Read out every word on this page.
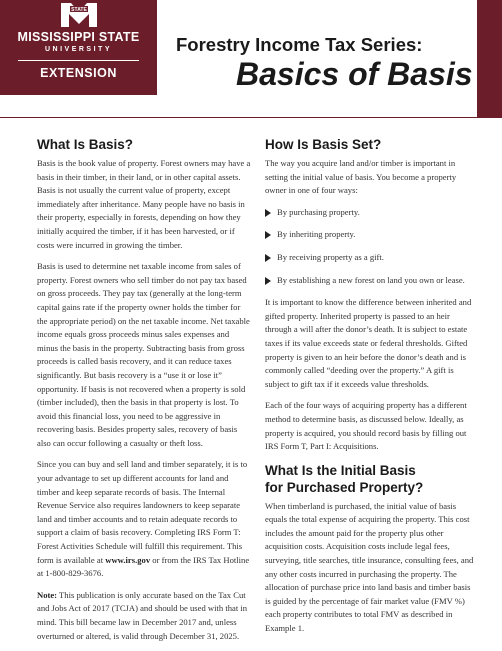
STATE
MISSISSIPPI STATE
UNIVERSITY
EXTENSION
Forestry Income Tax Series:
Basics of Basis
What Is Basis?

Basis is the book value of property. Forest owners may have a basis in their timber, in their land, or in other capital assets. Basis is not usually the current value of property, except immediately after inheritance. Many people have no basis in their property, especially in forests, depending on how they initially acquired the timber, if it has been harvested, or if costs were incurred in growing the timber.

Basis is used to determine net taxable income from sales of property. Forest owners who sell timber do not pay tax based on gross proceeds. They pay tax (generally at the long-term capital gains rate if the property owner holds the timber for the appropriate period) on the net taxable income. Net taxable income equals gross proceeds minus sales expenses and minus the basis in the property. Subtracting basis from gross proceeds is called basis recovery, and it can reduce taxes significantly. But basis recovery is a “use it or lose it” opportunity. If basis is not recovered when a property is sold (timber included), then the basis in that property is lost. To avoid this financial loss, you need to be aggressive in recovering basis. Besides property sales, recovery of basis also can occur following a casualty or theft loss.

Since you can buy and sell land and timber separately, it is to your advantage to set up different accounts for land and timber and keep separate records of basis. The Internal Revenue Service also requires landowners to keep separate land and timber accounts and to retain adequate records to support a claim of basis recovery. Completing IRS Form T: Forest Activities Schedule will fulfill this requirement. This form is available at www.irs.gov or from the IRS Tax Hotline at 1-800-829-3676.

Note: This publication is only accurate based on the Tax Cut and Jobs Act of 2017 (TCJA) and should be used with that in mind. This bill became law in December 2017 and, unless overturned or altered, is valid through December 31, 2025.

How Is Basis Set?

The way you acquire land and/or timber is important in setting the initial value of basis. You become a property owner in one of four ways:

By purchasing property.
By inheriting property.
By receiving property as a gift.
By establishing a new forest on land you own or lease.

It is important to know the difference between inherited and gifted property. Inherited property is passed to an heir through a will after the donor’s death. It is subject to estate taxes if its value exceeds state or federal thresholds. Gifted property is given to an heir before the donor’s death and is commonly called “deeding over the property.” A gift is subject to gift tax if it exceeds value thresholds.

Each of the four ways of acquiring property has a different method to determine basis, as discussed below. Ideally, as property is acquired, you should record basis by filling out IRS Form T, Part I: Acquisitions.

What Is the Initial Basis
for Purchased Property?

When timberland is purchased, the initial value of basis equals the total expense of acquiring the property. This cost includes the amount paid for the property plus other acquisition costs. Acquisition costs include legal fees, surveying, title searches, title insurance, consulting fees, and any other costs incurred in purchasing the property. The allocation of purchase price into land basis and timber basis is guided by the percentage of fair market value (FMV %) each property contributes to total FMV as described in Example 1.
